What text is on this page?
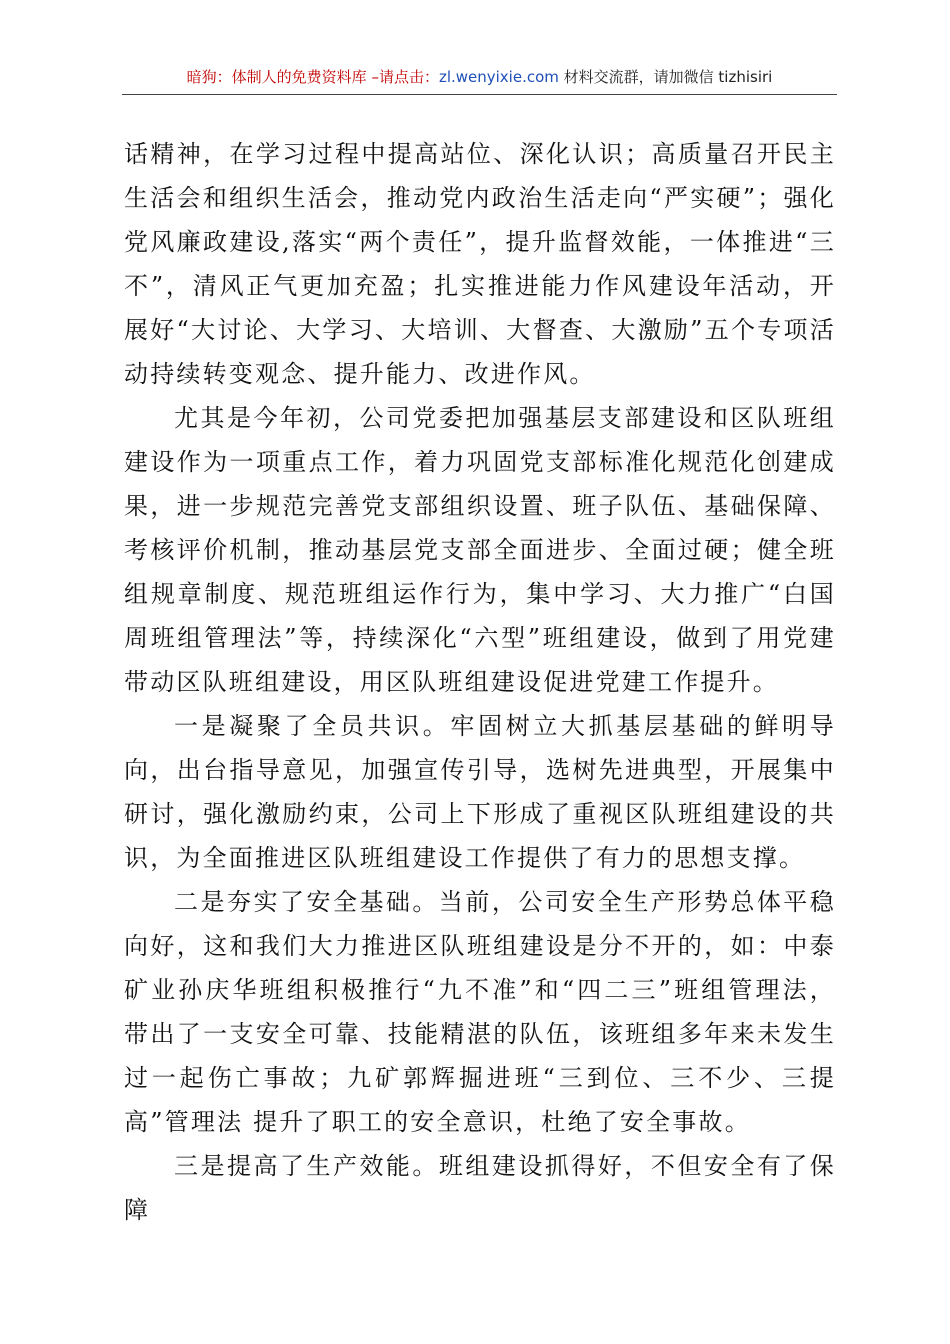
暗狗：体制人的免费资料库 –请点击：zl.wenyixie.com 材料交流群，请加微信 tizhisiri

话精神，在学习过程中提高站位、深化认识；高质量召开民主生活会和组织生活会，推动党内政治生活走向“严实硬”；强化党风廉政建设,落实“两个责任”，提升监督效能，一体推进“三不”，清风正气更加充盈；扎实推进能力作风建设年活动，开展好“大讨论、大学习、大培训、大督查、大激励”五个专项活动持续转变观念、提升能力、改进作风。

尤其是今年初，公司党委把加强基层支部建设和区队班组建设作为一项重点工作，着力巩固党支部标准化规范化创建成果，进一步规范完善党支部组织设置、班子队伍、基础保障、考核评价机制，推动基层党支部全面进步、全面过硬；健全班组规章制度、规范班组运作行为，集中学习、大力推广“白国周班组管理法”等，持续深化“六型”班组建设，做到了用党建带动区队班组建设，用区队班组建设促进党建工作提升。

一是凝聚了全员共识。牢固树立大抓基层基础的鲜明导向，出台指导意见，加强宣传引导，选树先进典型，开展集中研讨，强化激励约束，公司上下形成了重视区队班组建设的共识，为全面推进区队班组建设工作提供了有力的思想支撑。

二是夯实了安全基础。当前，公司安全生产形势总体平稳向好，这和我们大力推进区队班组建设是分不开的，如：中泰矿业孙庆华班组积极推行“九不准”和“四二三”班组管理法，带出了一支安全可靠、技能精湛的队伍，该班组多年来未发生过一起伤亡事故；九矿郭辉掘进班“三到位、三不少、三提高”管理法 提升了职工的安全意识，杜绝了安全事故。

三是提高了生产效能。班组建设抓得好，不但安全有了保障
